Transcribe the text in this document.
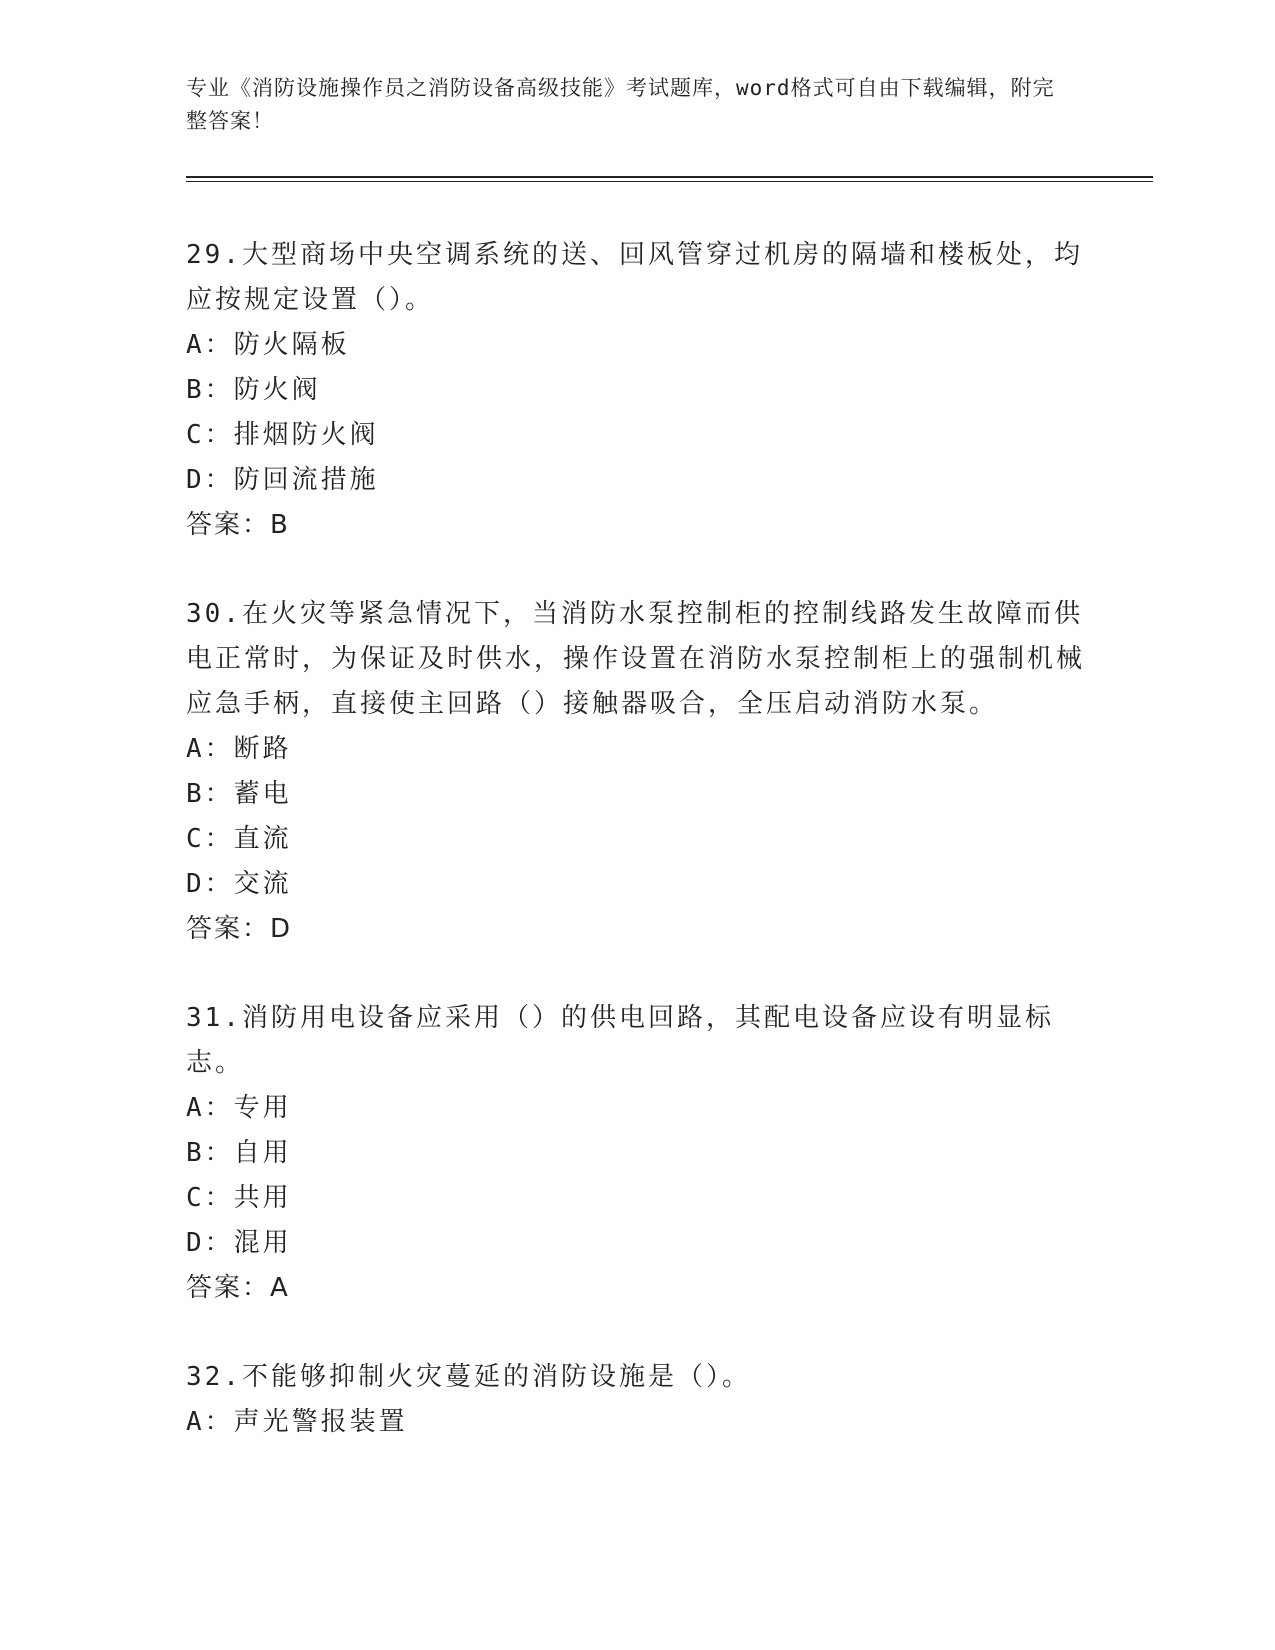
专业《消防设施操作员之消防设备高级技能》考试题库，word格式可自由下载编辑，附完整答案！

29.大型商场中央空调系统的送、回风管穿过机房的隔墙和楼板处，均应按规定设置（）。

A：防火隔板

B：防火阀

C：排烟防火阀

D：防回流措施

答案：B

30.在火灾等紧急情况下，当消防水泵控制柜的控制线路发生故障而供电正常时，为保证及时供水，操作设置在消防水泵控制柜上的强制机械应急手柄，直接使主回路（）接触器吸合，全压启动消防水泵。

A：断路

B：蓄电

C：直流

D：交流

答案：D

31.消防用电设备应采用（）的供电回路，其配电设备应设有明显标志。

A：专用

B：自用

C：共用

D：混用

答案：A

32.不能够抑制火灾蔓延的消防设施是（）。

A：声光警报装置
